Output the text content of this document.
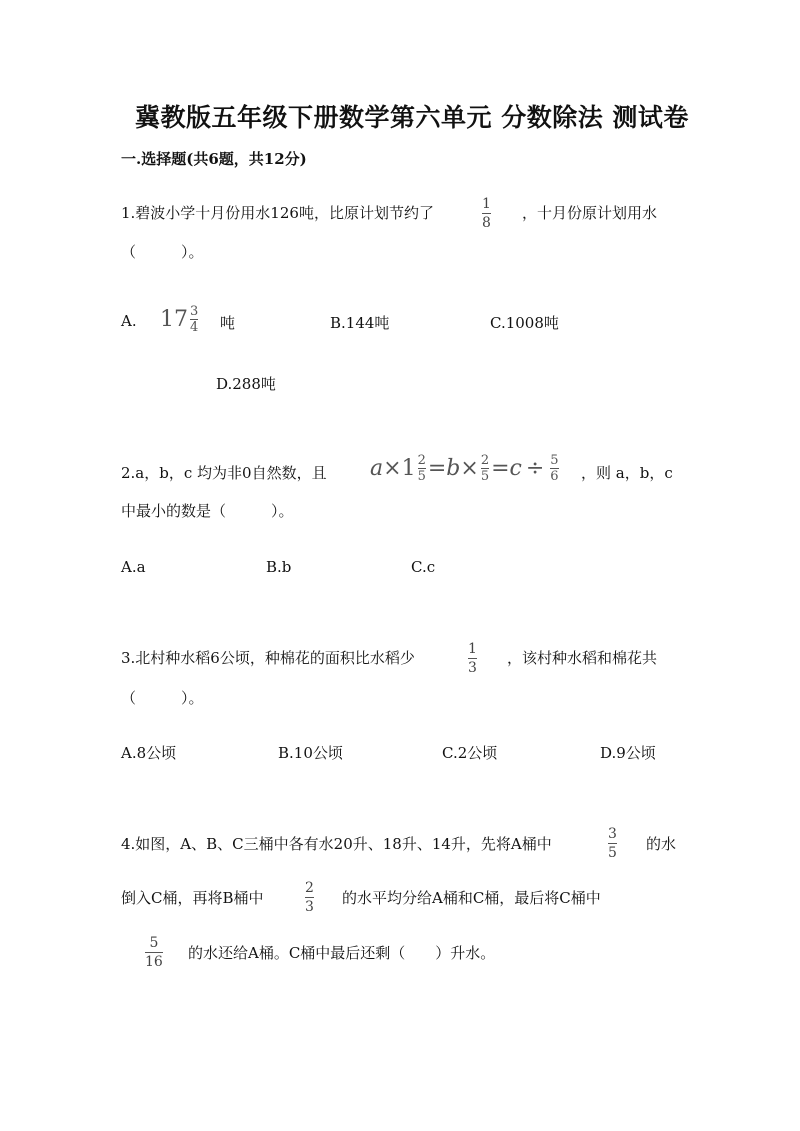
冀教版五年级下册数学第六单元 分数除法 测试卷
一.选择题(共6题，共12分)
1.碧波小学十月份用水126吨，比原计划节约了	1
8
，十月份原计划用水
（　　　）。
A. 17 3
4 吨	B.144吨	C.1008吨
D.288吨
2.a，b，c 均为非0自然数，且 a × 1 2
5 = b × 2
5 = c ÷ 5
6 ，则 a，b，c
中最小的数是（　　　）。
A.a	B.b	C.c
3.北村种水稻6公顷，种棉花的面积比水稻少	1
3
，该村种水稻和棉花共
（　　　）。
A.8公顷	B.10公顷	C.2公顷	D.9公顷
4.如图，A、B、C三桶中各有水20升、18升、14升，先将A桶中
3
5 的水
倒入C桶，再将B桶中
2
3 的水平均分给A桶和C桶，最后将C桶中
5
16 的水还给A桶。C桶中最后还剩（　　）升水。
